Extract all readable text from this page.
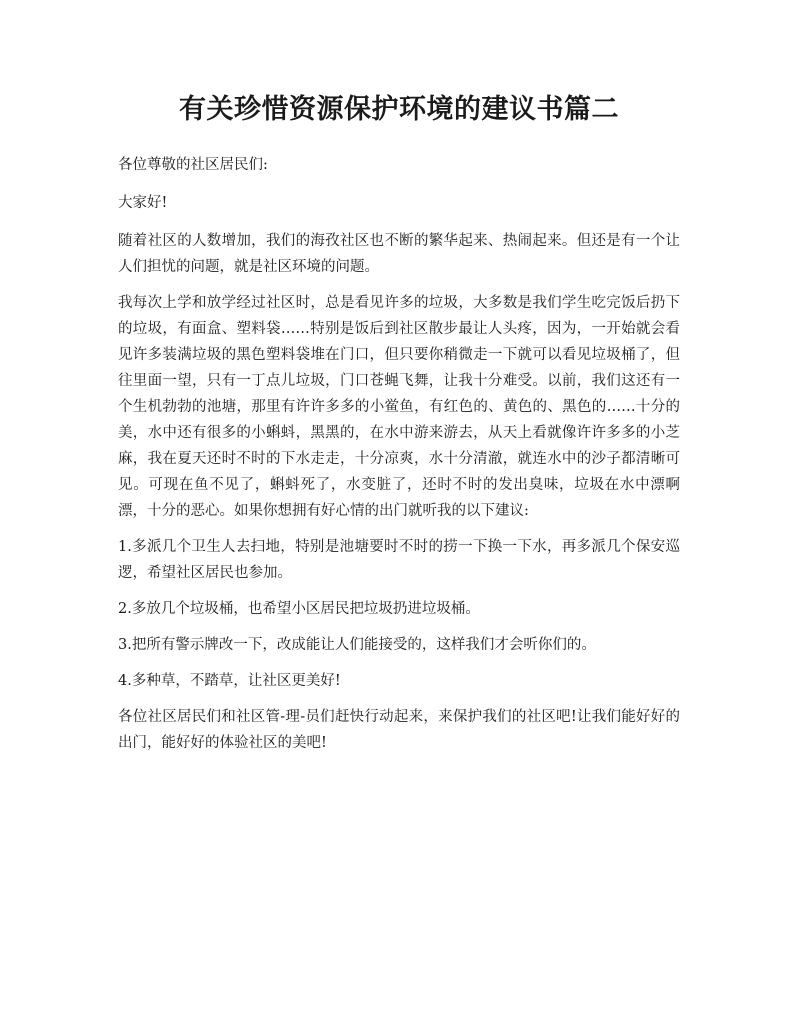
有关珍惜资源保护环境的建议书篇二

各位尊敬的社区居民们:

大家好!

随着社区的人数增加，我们的海孜社区也不断的繁华起来、热闹起来。但还是有一个让人们担忧的问题，就是社区环境的问题。

我每次上学和放学经过社区时，总是看见许多的垃圾，大多数是我们学生吃完饭后扔下的垃圾，有面盒、塑料袋……特别是饭后到社区散步最让人头疼，因为，一开始就会看见许多装满垃圾的黑色塑料袋堆在门口，但只要你稍微走一下就可以看见垃圾桶了，但往里面一望，只有一丁点儿垃圾，门口苍蝇飞舞，让我十分难受。以前，我们这还有一个生机勃勃的池塘，那里有许许多多的小鲎鱼，有红色的、黄色的、黑色的……十分的美，水中还有很多的小蝌蚪，黑黑的，在水中游来游去，从天上看就像许许多多的小芝麻，我在夏天还时不时的下水走走，十分凉爽，水十分清澈，就连水中的沙子都清晰可见。可现在鱼不见了，蝌蚪死了，水变脏了，还时不时的发出臭味，垃圾在水中漂啊漂，十分的恶心。如果你想拥有好心情的出门就听我的以下建议:

1.多派几个卫生人去扫地，特别是池塘要时不时的捞一下换一下水，再多派几个保安巡逻，希望社区居民也参加。

2.多放几个垃圾桶，也希望小区居民把垃圾扔进垃圾桶。

3.把所有警示牌改一下，改成能让人们能接受的，这样我们才会听你们的。

4.多种草，不踏草，让社区更美好!

各位社区居民们和社区管-理-员们赶快行动起来，来保护我们的社区吧!让我们能好好的出门，能好好的体验社区的美吧!
